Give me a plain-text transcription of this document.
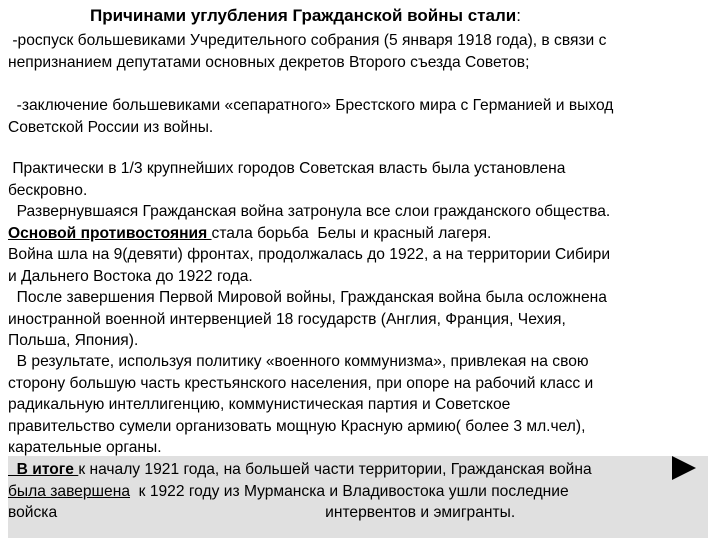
Причинами углубления Гражданской войны стали:
-роспуск большевиками Учредительного собрания (5 января 1918 года), в связи с
непризнанием депутатами основных декретов Второго съезда Советов;
-заключение большевиками «сепаратного» Брестского мира с Германией и выход
Советской России из войны.
Практически в 1/3 крупнейших городов Советская власть была установлена
бескровно.
Развернувшаяся Гражданская война затронула все слои гражданского общества.
Основой противостояния стала борьба  Белы и красный лагеря.
Война шла на 9(девяти) фронтах, продолжалась до 1922, а на территории Сибири
и Дальнего Востока до 1922 года.
После завершения Первой Мировой войны, Гражданская война была осложнена
иностранной военной интервенцией 18 государств (Англия, Франция, Чехия,
Польша, Япония).
В результате, используя политику «военного коммунизма», привлекая на свою
сторону большую часть крестьянского населения, при опоре на рабочий класс и
радикальную интеллигенцию, коммунистическая партия и Советское
правительство сумели организовать мощную Красную армию( более 3 мл.чел),
карательные органы.
В итоге к началу 1921 года, на большей части территории, Гражданская война
была завершена  к 1922 году из Мурманска и Владивостока ушли последние
войска	интервентов и эмигранты.
